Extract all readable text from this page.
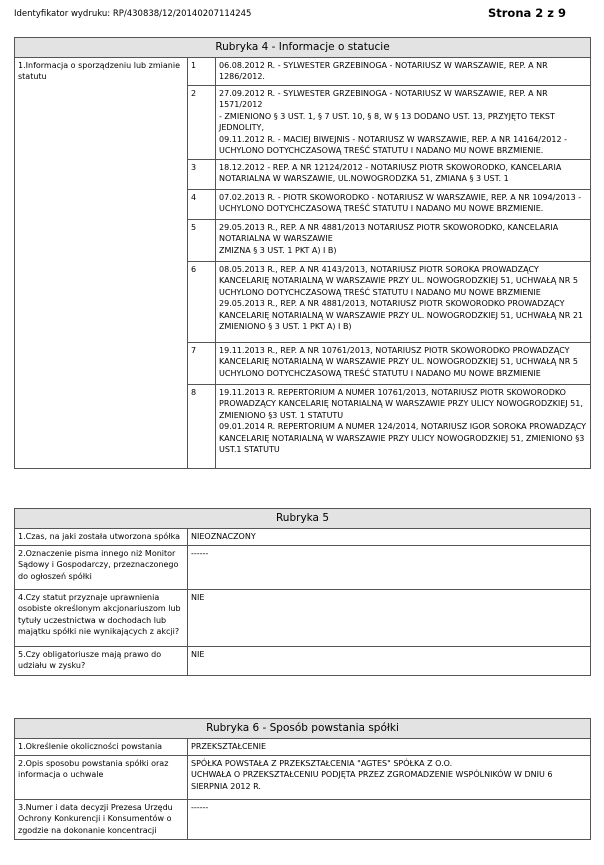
Identyfikator wydruku: RP/430838/12/20140207114245	Strona 2 z 9
Rubryka 4 - Informacje o statucie		
1.Informacja o sporządzeniu lub zmianie statutu	1	06.08.2012 R. - SYLWESTER GRZEBINOGA - NOTARIUSZ W WARSZAWIE, REP. A NR 1286/2012.
	2	27.09.2012 R. - SYLWESTER GRZEBINOGA - NOTARIUSZ W WARSZAWIE, REP. A NR 1571/2012
- ZMIENIONO § 3 UST. 1, § 7 UST. 10, § 8, W § 13 DODANO UST. 13, PRZYJĘTO TEKST JEDNOLITY,
09.11.2012 R. - MACIEJ BIWEJNIS - NOTARIUSZ W WARSZAWIE, REP. A NR 14164/2012 - UCHYLONO DOTYCHCZASOWĄ TREŚĆ STATUTU I NADANO MU NOWE BRZMIENIE.
	3	18.12.2012 - REP. A NR 12124/2012 - NOTARIUSZ PIOTR SKOWORODKO, KANCELARIA NOTARIALNA W WARSZAWIE, UL.NOWOGRODZKA 51, ZMIANA § 3 UST. 1
	4	07.02.2013 R. - PIOTR SKOWORODKO - NOTARIUSZ W WARSZAWIE, REP. A NR 1094/2013 - UCHYLONO DOTYCHCZASOWĄ TREŚĆ STATUTU I NADANO MU NOWE BRZMIENIE.
	5	29.05.2013 R., REP. A NR 4881/2013 NOTARIUSZ PIOTR SKOWORODKO, KANCELARIA NOTARIALNA W WARSZAWIE
ZMIZNA § 3 UST. 1 PKT A) I B)
	6	08.05.2013 R., REP. A NR 4143/2013, NOTARIUSZ PIOTR SOROKA PROWADZĄCY KANCELARIĘ NOTARIALNĄ W WARSZAWIE PRZY UL. NOWOGRODZKIEJ 51, UCHWAŁĄ NR 5 UCHYLONO DOTYCHCZASOWĄ TREŚĆ STATUTU I NADANO MU NOWE BRZMIENIE
29.05.2013 R., REP. A NR 4881/2013, NOTARIUSZ PIOTR SKOWORODKO PROWADZĄCY KANCELARIĘ NOTARIALNĄ W WARSZAWIE PRZY UL. NOWOGRODZKIEJ 51, UCHWAŁĄ NR 21 ZMIENIONO § 3 UST. 1 PKT A) I B)
	7	19.11.2013 R., REP. A NR 10761/2013, NOTARIUSZ PIOTR SKOWORODKO PROWADZĄCY KANCELARIĘ NOTARIALNĄ W WARSZAWIE PRZY UL. NOWOGRODZKIEJ 51, UCHWAŁĄ NR 5 UCHYLONO DOTYCHCZASOWĄ TREŚĆ STATUTU I NADANO MU NOWE BRZMIENIE
	8	19.11.2013 R. REPERTORIUM A NUMER 10761/2013, NOTARIUSZ PIOTR SKOWORODKO PROWADZĄCY KANCELARIĘ NOTARIALNĄ W WARSZAWIE PRZY ULICY NOWOGRODZKIEJ 51, ZMIENIONO §3 UST. 1 STATUTU
09.01.2014 R. REPERTORIUM A NUMER 124/2014, NOTARIUSZ IGOR SOROKA PROWADZĄCY KANCELARIĘ NOTARIALNĄ W WARSZAWIE PRZY ULICY NOWOGRODZKIEJ 51, ZMIENIONO §3 UST.1 STATUTU
Rubryka 5	
1.Czas, na jaki została utworzona spółka	NIEOZNACZONY
2.Oznaczenie pisma innego niż Monitor Sądowy i Gospodarczy, przeznaczonego do ogłoszeń spółki	------
4.Czy statut przyznaje uprawnienia osobiste określonym akcjonariuszom lub tytuły uczestnictwa w dochodach lub majątku spółki nie wynikających z akcji?	NIE
5.Czy obligatoriusze mają prawo do udziału w zysku?	NIE
Rubryka 6 - Sposób powstania spółki	
1.Określenie okoliczności powstania	PRZEKSZTAŁCENIE
2.Opis sposobu powstania spółki oraz informacja o uchwale	SPÓŁKA POWSTAŁA Z PRZEKSZTAŁCENIA "AGTES" SPÓŁKA Z O.O.
UCHWAŁA O PRZEKSZTAŁCENIU PODJĘTA PRZEZ ZGROMADZENIE WSPÓLNIKÓW W DNIU 6 SIERPNIA 2012 R.
3.Numer i data decyzji Prezesa Urzędu Ochrony Konkurencji i Konsumentów o zgodzie na dokonanie koncentracji	------
